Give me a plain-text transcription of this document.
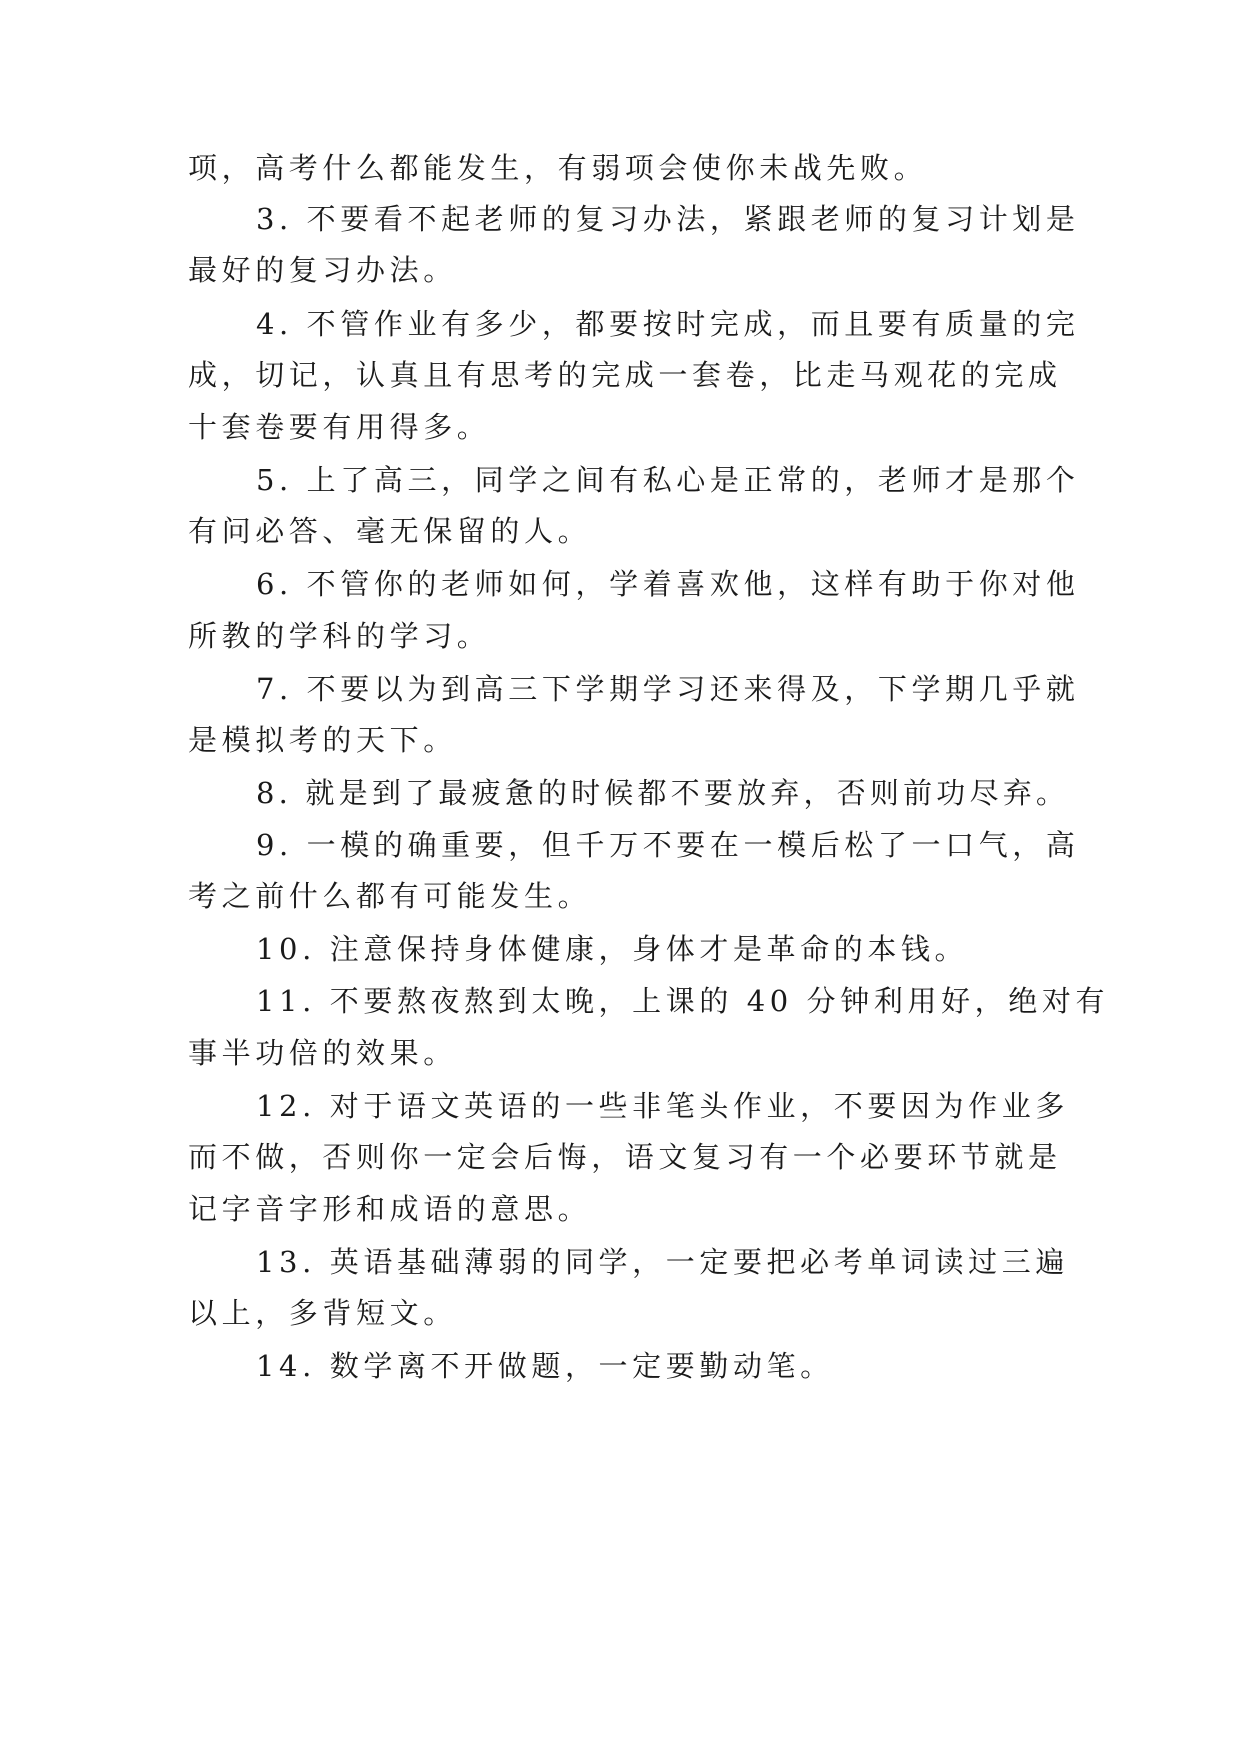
项，高考什么都能发生，有弱项会使你未战先败。
3. 不要看不起老师的复习办法，紧跟老师的复习计划是
最好的复习办法。
4. 不管作业有多少，都要按时完成，而且要有质量的完
成，切记，认真且有思考的完成一套卷，比走马观花的完成
十套卷要有用得多。
5. 上了高三，同学之间有私心是正常的，老师才是那个
有问必答、毫无保留的人。
6. 不管你的老师如何，学着喜欢他，这样有助于你对他
所教的学科的学习。
7. 不要以为到高三下学期学习还来得及，下学期几乎就
是模拟考的天下。
8. 就是到了最疲惫的时候都不要放弃，否则前功尽弃。
9. 一模的确重要，但千万不要在一模后松了一口气，高
考之前什么都有可能发生。
10. 注意保持身体健康，身体才是革命的本钱。
11. 不要熬夜熬到太晚，上课的 40 分钟利用好，绝对有
事半功倍的效果。
12. 对于语文英语的一些非笔头作业，不要因为作业多
而不做，否则你一定会后悔，语文复习有一个必要环节就是
记字音字形和成语的意思。
13. 英语基础薄弱的同学，一定要把必考单词读过三遍
以上，多背短文。
14. 数学离不开做题，一定要勤动笔。
